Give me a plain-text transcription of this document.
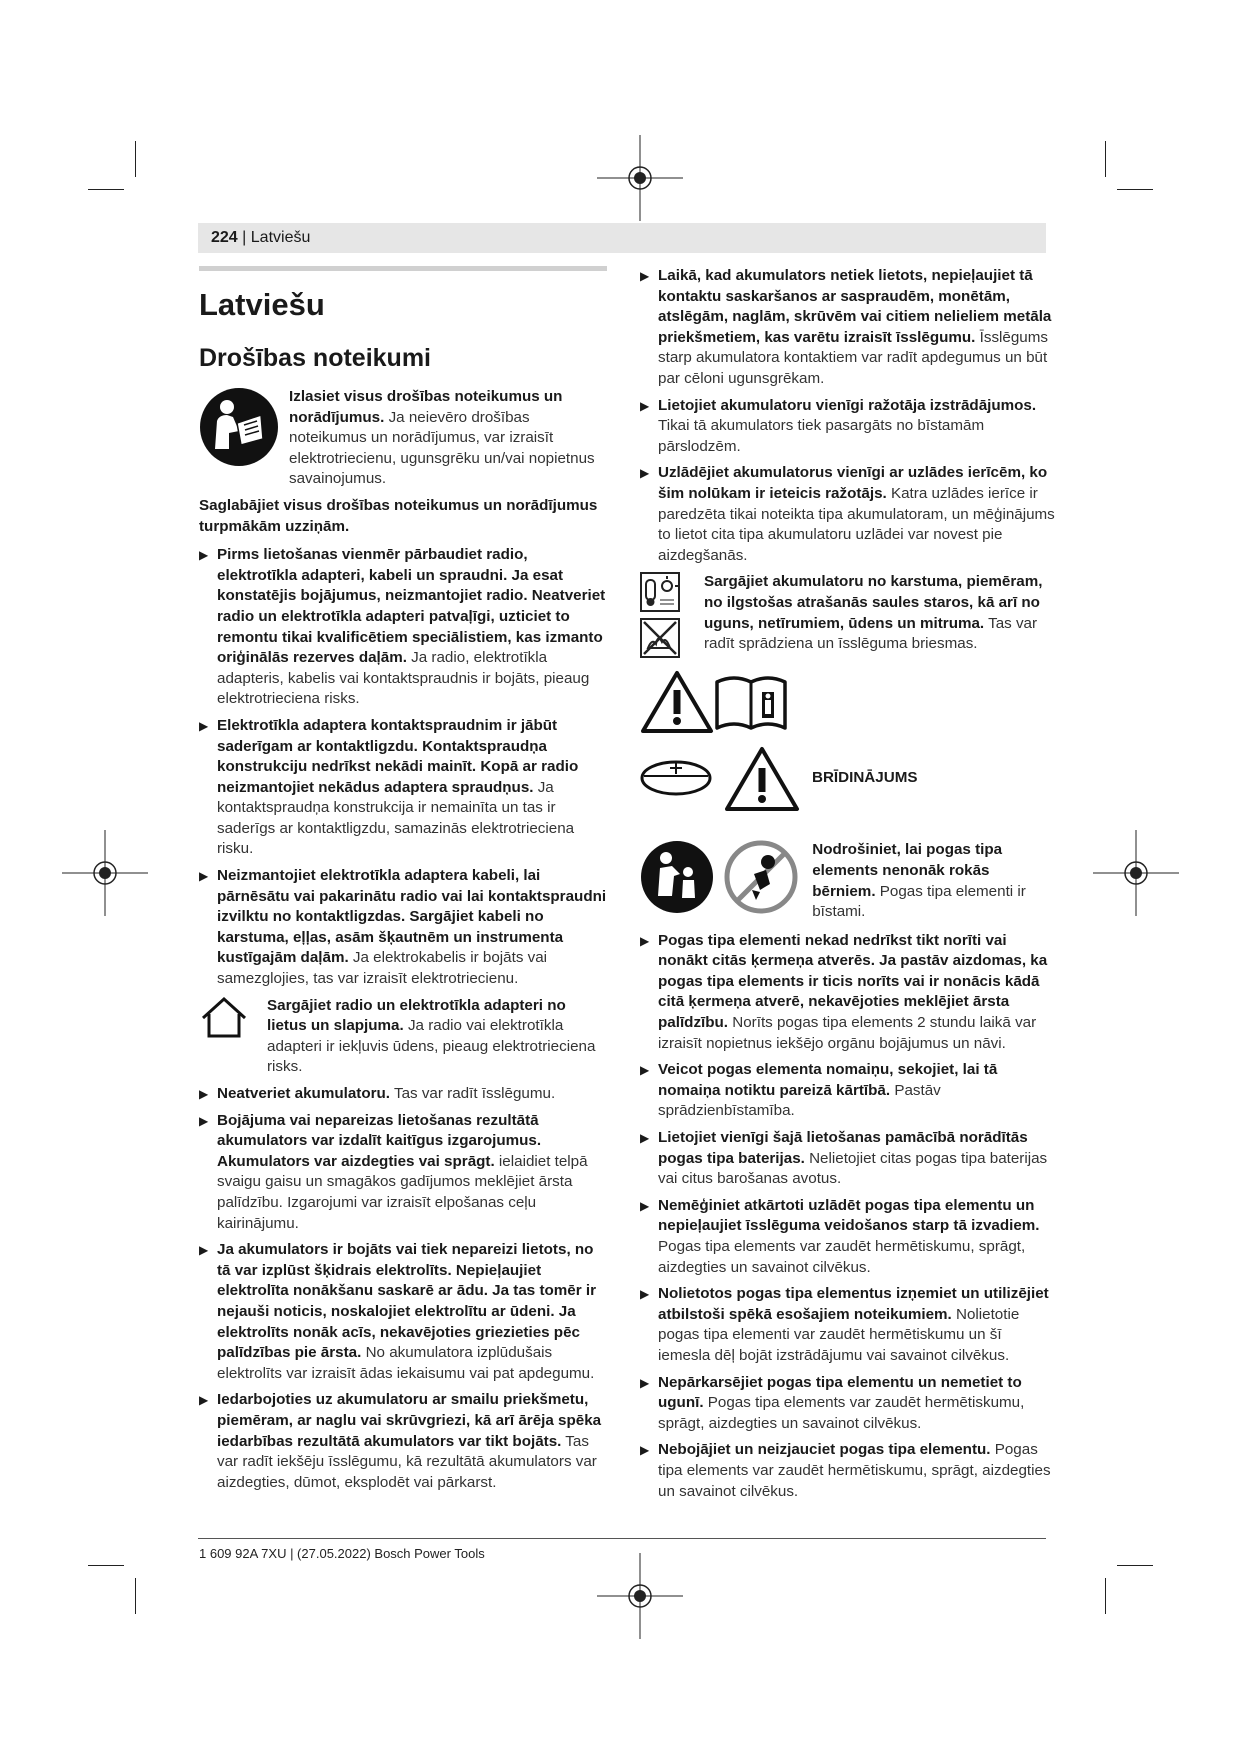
224 | Latviešu
Latviešu
Drošības noteikumi
Izlasiet visus drošības noteikumus un norādījumus. Ja neievēro drošības noteikumus un norādījumus, var izraisīt elektrotriecienu, ugunsgrēku un/vai nopietnus savainojumus.

Saglabājiet visus drošības noteikumus un norādījumus turpmākām uzziņām.

▶ Pirms lietošanas vienmēr pārbaudiet radio, elektrotīkla adapteri, kabeli un spraudni. Ja esat konstatējis bojājumus, neizmantojiet radio. Neatveriet radio un elektrotīkla adapteri patvaļīgi, uzticiet to remontu tikai kvalificētiem speciālistiem, kas izmanto oriģinālās rezerves daļām. Ja radio, elektrotīkla adapteris, kabelis vai kontaktspraudnis ir bojāts, pieaug elektrotrieciena risks.
▶ Elektrotīkla adaptera kontaktspraudnim ir jābūt saderīgam ar kontaktligzdu. Kontaktspraudņa konstrukciju nedrīkst nekādi mainīt. Kopā ar radio neizmantojiet nekādus adaptera spraudņus. Ja kontaktspraudņa konstrukcija ir nemainīta un tas ir saderīgs ar kontaktligzdu, samazinās elektrotrieciena risku.
▶ Neizmantojiet elektrotīkla adaptera kabeli, lai pārnēsātu vai pakarinātu radio vai lai kontaktspraudni izvilktu no kontaktligzdas. Sargājiet kabeli no karstuma, eļļas, asām šķautnēm un instrumenta kustīgajām daļām. Ja elektrokabelis ir bojāts vai samezglojies, tas var izraisīt elektrotriecienu.
Sargājiet radio un elektrotīkla adapteri no lietus un slapjuma. Ja radio vai elektrotīkla adapteri ir iekļuvis ūdens, pieaug elektrotrieciena risks.
▶ Neatveriet akumulatoru. Tas var radīt īsslēgumu.
▶ Bojājuma vai nepareizas lietošanas rezultātā akumulators var izdalīt kaitīgus izgarojumus. Akumulators var aizdegties vai sprāgt. ielaidiet telpā svaigu gaisu un smagākos gadījumos meklējiet ārsta palīdzību. Izgarojumi var izraisīt elpošanas ceļu kairinājumu.
▶ Ja akumulators ir bojāts vai tiek nepareizi lietots, no tā var izplūst šķidrais elektrolīts. Nepieļaujiet elektrolīta nonākšanu saskarē ar ādu. Ja tas tomēr ir nejauši noticis, noskalojiet elektrolītu ar ūdeni. Ja elektrolīts nonāk acīs, nekavējoties griezieties pēc palīdzības pie ārsta. No akumulatora izplūdušais elektrolīts var izraisīt ādas iekaisumu vai pat apdegumu.
▶ Iedarbojoties uz akumulatoru ar smailu priekšmetu, piemēram, ar naglu vai skrūvgriezi, kā arī ārēja spēka iedarbības rezultātā akumulators var tikt bojāts. Tas var radīt iekšēju īsslēgumu, kā rezultātā akumulators var aizdegties, dūmot, eksplodēt vai pārkarst.
▶ Laikā, kad akumulators netiek lietots, nepieļaujiet tā kontaktu saskaršanos ar saspraudēm, monētām, atslēgām, naglām, skrūvēm vai citiem nelieliem metāla priekšmetiem, kas varētu izraisīt īsslēgumu. Īsslēgums starp akumulatora kontaktiem var radīt apdegumus un būt par cēloni ugunsgrēkam.
▶ Lietojiet akumulatoru vienīgi ražotāja izstrādājumos. Tikai tā akumulators tiek pasargāts no bīstamām pārslodzēm.
▶ Uzlādējiet akumulatorus vienīgi ar uzlādes ierīcēm, ko šim nolūkam ir ieteicis ražotājs. Katra uzlādes ierīce ir paredzēta tikai noteikta tipa akumulatoram, un mēģinājums to lietot cita tipa akumulatoru uzlādei var novest pie aizdegšanās.
Sargājiet akumulatoru no karstuma, piemēram, no ilgstošas atrašanās saules staros, kā arī no uguns, netīrumiem, ūdens un mitruma. Tas var radīt sprādziena un īsslēguma briesmas.
BRĪDINĀJUMS

Nodrošiniet, lai pogas tipa elements nenonāk rokās bērniem. Pogas tipa elementi ir bīstami.
▶ Pogas tipa elementi nekad nedrīkst tikt norīti vai nonākt citās ķermeņa atverēs. Ja pastāv aizdomas, ka pogas tipa elements ir ticis norīts vai ir nonācis kādā citā ķermeņa atverē, nekavējoties meklējiet ārsta palīdzību. Norīts pogas tipa elements 2 stundu laikā var izraisīt nopietnus iekšējo orgānu bojājumus un nāvi.
▶ Veicot pogas elementa nomaiņu, sekojiet, lai tā nomaiņa notiktu pareizā kārtībā. Pastāv sprādzienbīstamība.
▶ Lietojiet vienīgi šajā lietošanas pamācībā norādītās pogas tipa baterijas. Nelietojiet citas pogas tipa baterijas vai citus barošanas avotus.
▶ Nemēģiniet atkārtoti uzlādēt pogas tipa elementu un nepieļaujiet īsslēguma veidošanos starp tā izvadiem. Pogas tipa elements var zaudēt hermētiskumu, sprāgt, aizdegties un savainot cilvēkus.
▶ Nolietotos pogas tipa elementus izņemiet un utilizējiet atbilstoši spēkā esošajiem noteikumiem. Nolietotie pogas tipa elementi var zaudēt hermētiskumu un šī iemesla dēļ bojāt izstrādājumu vai savainot cilvēkus.
▶ Nepārkarsējiet pogas tipa elementu un nemetiet to ugunī. Pogas tipa elements var zaudēt hermētiskumu, sprāgt, aizdegties un savainot cilvēkus.
▶ Nebojājiet un neizjauciet pogas tipa elementu. Pogas tipa elements var zaudēt hermētiskumu, sprāgt, aizdegties un savainot cilvēkus.
1 609 92A 7XU | (27.05.2022) Bosch Power Tools
